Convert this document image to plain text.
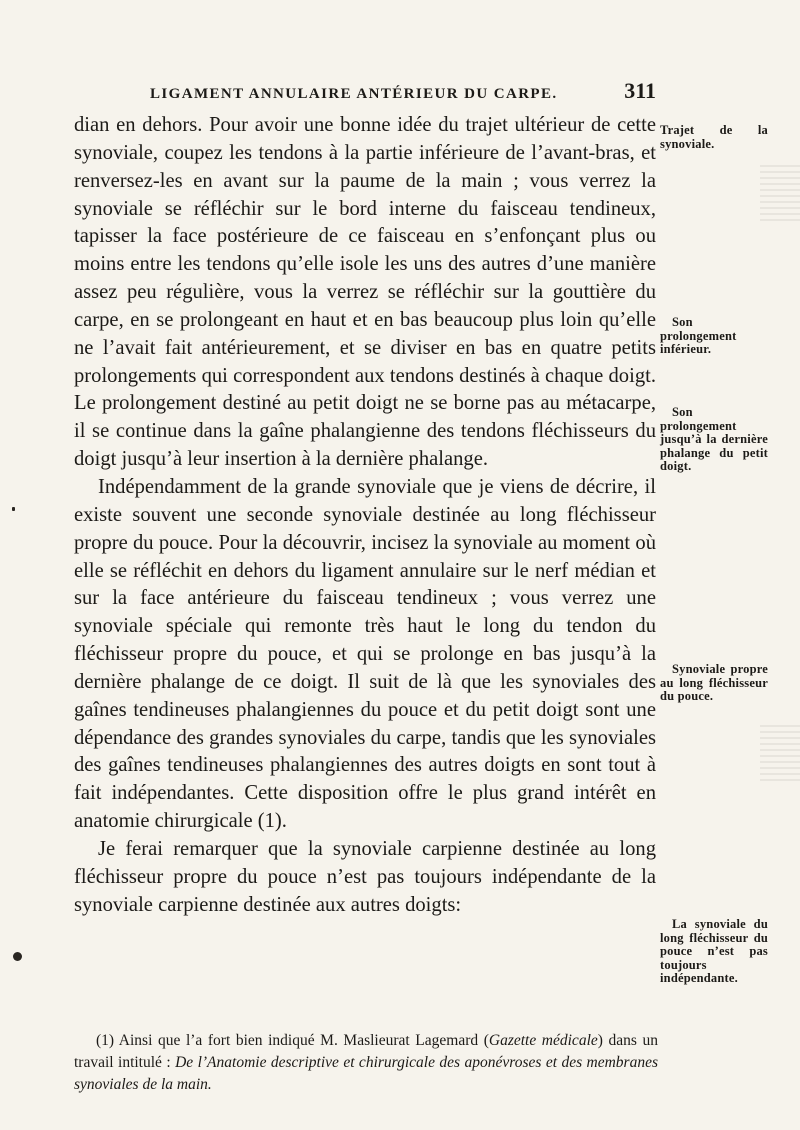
LIGAMENT ANNULAIRE ANTÉRIEUR DU CARPE.	311

dian en dehors. Pour avoir une bonne idée du trajet ultérieur de cette synoviale, coupez les tendons à la partie inférieure de l’avant-bras, et renversez-les en avant sur la paume de la main ; vous verrez la synoviale se réfléchir sur le bord interne du faisceau tendineux, tapisser la face postérieure de ce faisceau en s’enfonçant plus ou moins entre les tendons qu’elle isole les uns des autres d’une manière assez peu régulière, vous la verrez se réfléchir sur la gouttière du carpe, en se prolongeant en haut et en bas beaucoup plus loin qu’elle ne l’avait fait antérieurement, et se diviser en bas en quatre petits prolongements qui correspondent aux tendons destinés à chaque doigt. Le prolongement destiné au petit doigt ne se borne pas au métacarpe, il se continue dans la gaîne phalangienne des tendons fléchisseurs du doigt jusqu’à leur insertion à la dernière phalange.

Indépendamment de la grande synoviale que je viens de décrire, il existe souvent une seconde synoviale destinée au long fléchisseur propre du pouce. Pour la découvrir, incisez la synoviale au moment où elle se réfléchit en dehors du ligament annulaire sur le nerf médian et sur la face antérieure du faisceau tendineux ; vous verrez une synoviale spéciale qui remonte très haut le long du tendon du fléchisseur propre du pouce, et qui se prolonge en bas jusqu’à la dernière phalange de ce doigt. Il suit de là que les synoviales des gaînes tendineuses phalangiennes du pouce et du petit doigt sont une dépendance des grandes synoviales du carpe, tandis que les synoviales des gaînes tendineuses phalangiennes des autres doigts en sont tout à fait indépendantes. Cette disposition offre le plus grand intérêt en anatomie chirurgicale (1).

Je ferai remarquer que la synoviale carpienne destinée au long fléchisseur propre du pouce n’est pas toujours indépendante de la synoviale carpienne destinée aux autres doigts:

Trajet de la synoviale.
Son prolongement inférieur.
Son prolongement jusqu’à la dernière phalange du petit doigt.
Synoviale propre au long fléchisseur du pouce.
La synoviale du long fléchisseur du pouce n’est pas toujours indépendante.

(1) Ainsi que l’a fort bien indiqué M. Maslieurat Lagemard (Gazette médicale) dans un travail intitulé : De l’Anatomie descriptive et chirurgicale des aponévroses et des membranes synoviales de la main.
